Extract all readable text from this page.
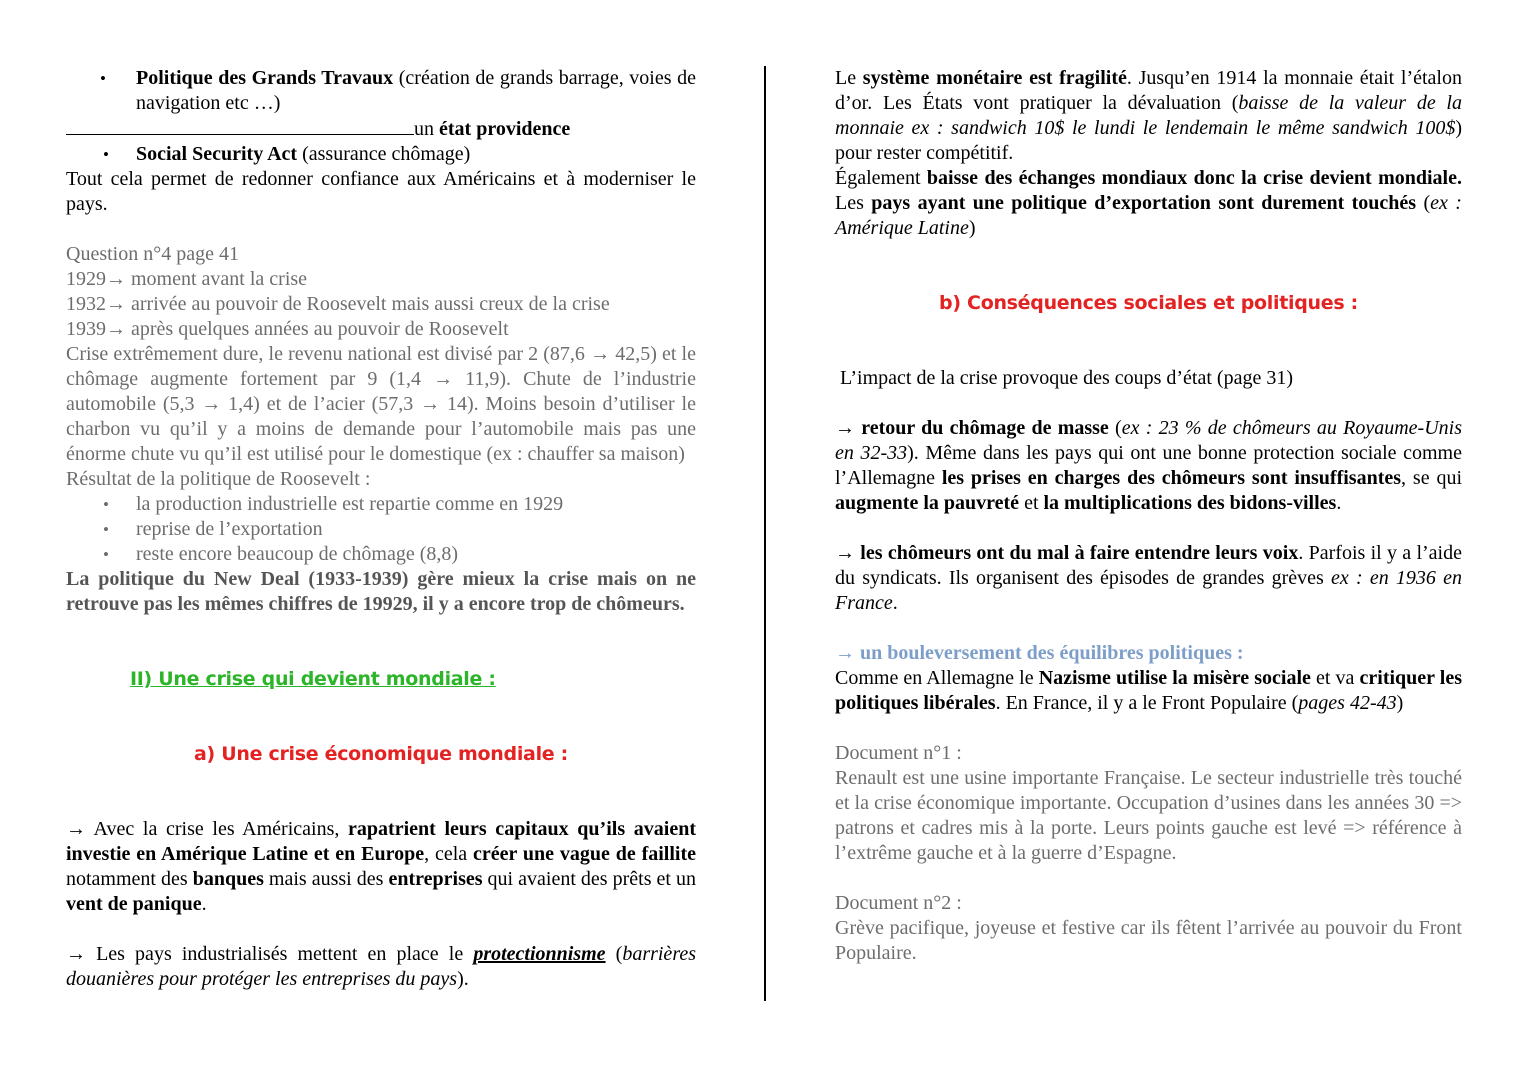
• Politique des Grands Travaux (création de grands barrage, voies de navigation etc …)

un état providence

• Social Security Act (assurance chômage)

Tout cela permet de redonner confiance aux Américains et à moderniser le pays.

Question n°4 page 41

1929→ moment avant la crise

1932→ arrivée au pouvoir de Roosevelt mais aussi creux de la crise

1939→ après quelques années au pouvoir de Roosevelt

Crise extrêmement dure, le revenu national est divisé par 2 (87,6 → 42,5) et le chômage augmente fortement par 9 (1,4 → 11,9). Chute de l’industrie automobile (5,3 → 1,4) et de l’acier (57,3 → 14). Moins besoin d’utiliser le charbon vu qu’il y a moins de demande pour l’automobile mais pas une énorme chute vu qu’il est utilisé pour le domestique (ex : chauffer sa maison)

Résultat de la politique de Roosevelt :

• la production industrielle est repartie comme en 1929

• reprise de l’exportation

• reste encore beaucoup de chômage (8,8)

La politique du New Deal (1933-1939) gère mieux la crise mais on ne retrouve pas les mêmes chiffres de 19929, il y a encore trop de chômeurs.

II) Une crise qui devient mondiale :

a) Une crise économique mondiale :

→ Avec la crise les Américains, rapatrient leurs capitaux qu’ils avaient investie en Amérique Latine et en Europe, cela créer une vague de faillite notamment des banques mais aussi des entreprises qui avaient des prêts et un vent de panique.

→ Les pays industrialisés mettent en place le protectionnisme (barrières douanières pour protéger les entreprises du pays).

Le système monétaire est fragilité. Jusqu’en 1914 la monnaie était l’étalon d’or. Les États vont pratiquer la dévaluation (baisse de la valeur de la monnaie ex : sandwich 10$ le lundi le lendemain le même sandwich 100$) pour rester compétitif.

Également baisse des échanges mondiaux donc la crise devient mondiale. Les pays ayant une politique d’exportation sont durement touchés (ex : Amérique Latine)

b) Conséquences sociales et politiques :

L’impact de la crise provoque des coups d’état (page 31)

→ retour du chômage de masse (ex : 23 % de chômeurs au Royaume-Unis en 32-33). Même dans les pays qui ont une bonne protection sociale comme l’Allemagne les prises en charges des chômeurs sont insuffisantes, se qui augmente la pauvreté et la multiplications des bidons-villes.

→ les chômeurs ont du mal à faire entendre leurs voix. Parfois il y a l’aide du syndicats. Ils organisent des épisodes de grandes grèves ex : en 1936 en France.

→ un bouleversement des équilibres politiques :

Comme en Allemagne le Nazisme utilise la misère sociale et va critiquer les politiques libérales. En France, il y a le Front Populaire (pages 42-43)

Document n°1 :

Renault est une usine importante Française. Le secteur industrielle très touché et la crise économique importante. Occupation d’usines dans les années 30 => patrons et cadres mis à la porte. Leurs points gauche est levé => référence à l’extrême gauche et à la guerre d’Espagne.

Document n°2 :

Grève pacifique, joyeuse et festive car ils fêtent l’arrivée au pouvoir du Front Populaire.
